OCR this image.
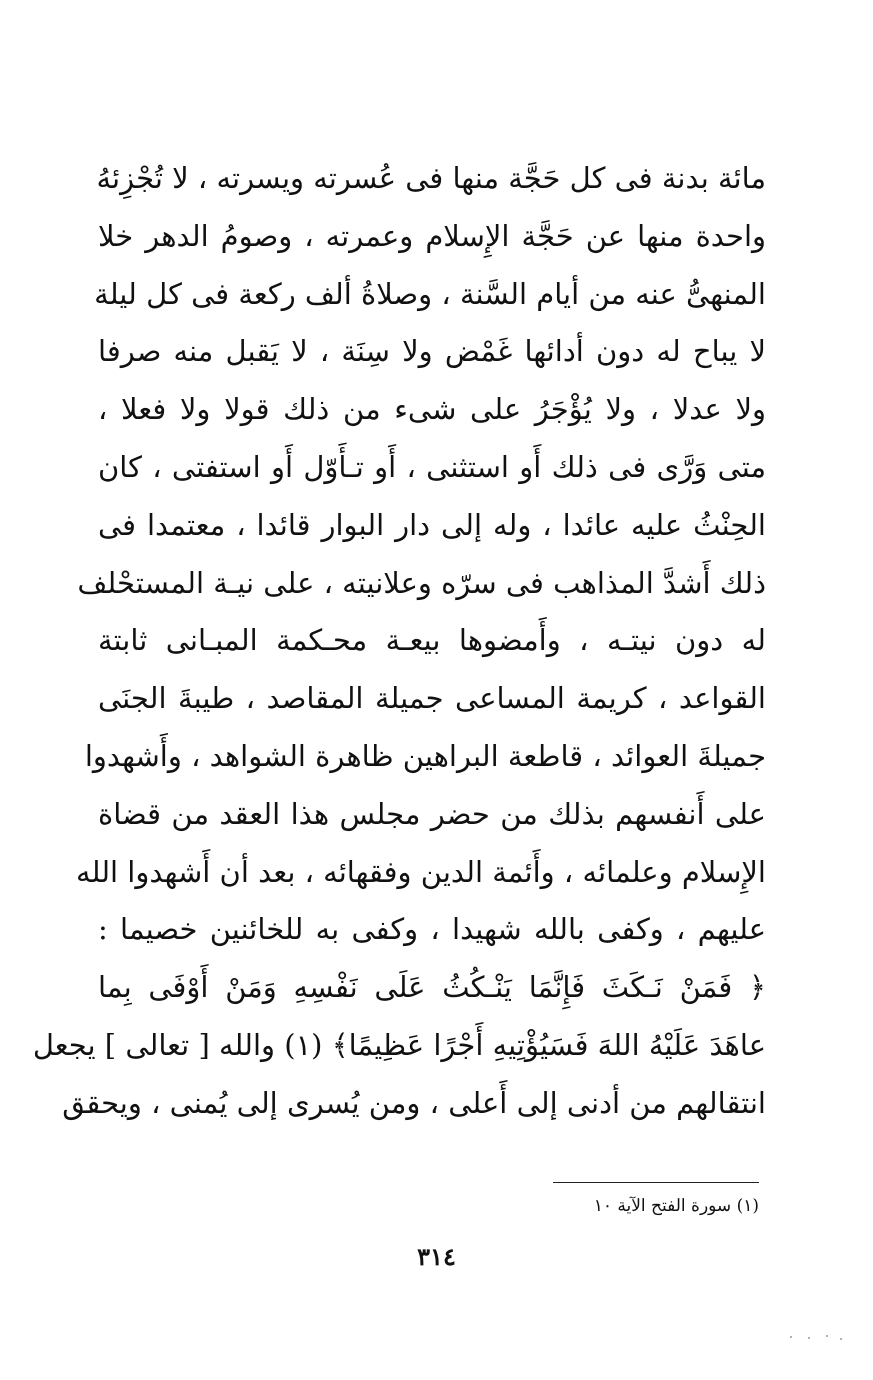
مائة بدنة فى كل حَجَّة منها فى عُسرته ويسرته ، لا تُجْزِئهُ
واحدة منها عن حَجَّة الإِسلام وعمرته ، وصومُ الدهر خلا
المنهىُّ عنه من أيام السَّنة ، وصلاةُ ألف ركعة فى كل ليلة
لا يباح له دون أدائها غَمْض ولا سِنَة ، لا يَقبل منه صرفا
ولا عدلا ، ولا يُؤْجَرُ على شىء من ذلك قولا ولا فعلا ،
متى وَرَّى فى ذلك أَو استثنى ، أَو تـأَوّل أَو استفتى ، كان
الحِنْثُ عليه عائدا ، وله إلى دار البوار قائدا ، معتمدا فى
ذلك أَشدَّ المذاهب فى سرّه وعلانيته ، على نيـة المستحْلف
له دون نيتـه ، وأَمضوها بيعـة محـكمة المبـانى ثابتة
القواعد ، كريمة المساعى جميلة المقاصد ، طيبةَ الجنَى
جميلةَ العوائد ، قاطعة البراهين ظاهرة الشواهد ، وأَشهدوا
على أَنفسهم بذلك من حضر مجلس هذا العقد من قضاة
الإِسلام وعلمائه ، وأَئمة الدين وفقهائه ، بعد أن أَشهدوا الله
عليهم ، وكفى بالله شهيدا ، وكفى به للخائنين خصيما :
﴿ فَمَنْ نَـكَثَ فَإِنَّمَا يَنْـكُثُ عَلَى نَفْسِهِ وَمَنْ أَوْفَى بِما
عاهَدَ عَلَيْهُ اللهَ فَسَيُؤْتِيهِ أَجْرًا عَظِيمًا﴾ (١) والله [ تعالى ] يجعل
انتقالهم من أدنى إلى أَعلى ، ومن يُسرى إلى يُمنى ، ويحقق
(١) سورة الفتح الآية ١٠
٣١٤
